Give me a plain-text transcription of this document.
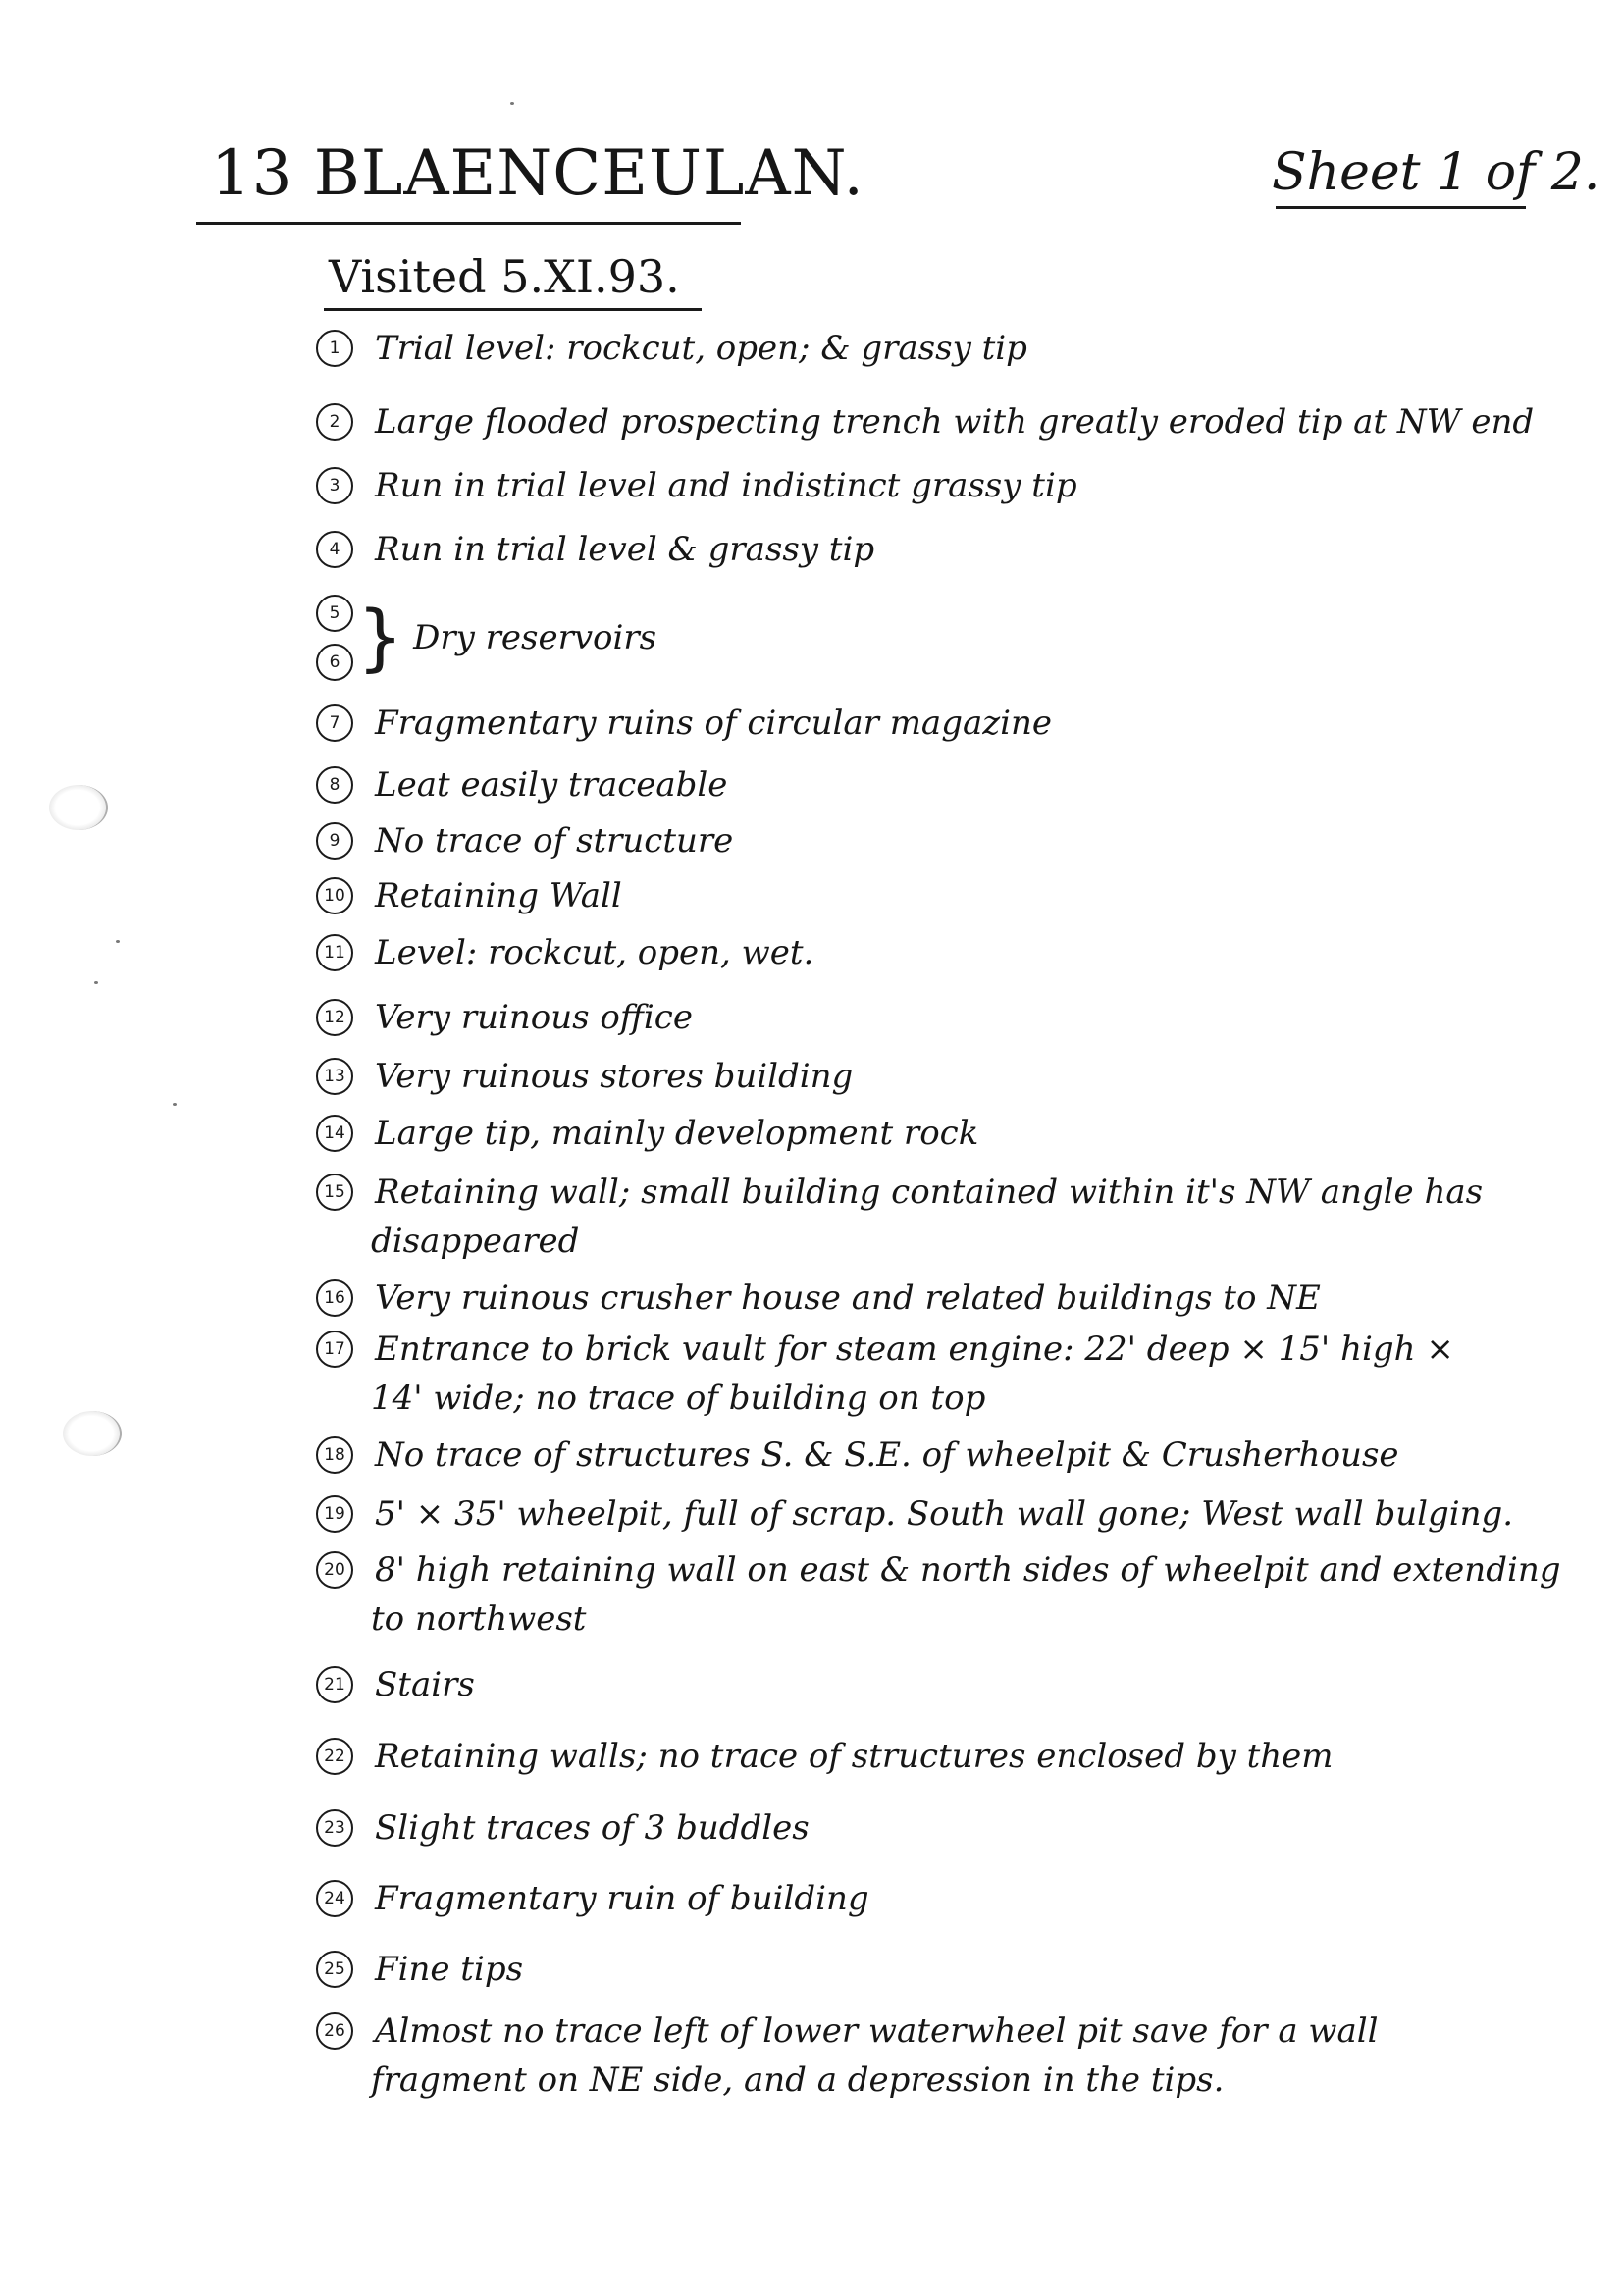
13 BLAENCEULAN.	Sheet 1 of 2.
Visited 5.XI.93.
1	Trial level: rockcut, open; & grassy tip
2	Large flooded prospecting trench with greatly eroded tip at NW end
3	Run in trial level and indistinct grassy tip
4	Run in trial level & grassy tip
5
6 } Dry reservoirs
7	Fragmentary ruins of circular magazine
8	Leat easily traceable
9	No trace of structure
10 Retaining Wall
11 Level: rockcut, open, wet.
12 Very ruinous office
13 Very ruinous stores building
14 Large tip, mainly development rock
15 Retaining wall; small building contained within it's NW angle has
disappeared
16 Very ruinous crusher house and related buildings to NE
17 Entrance to brick vault for steam engine: 22' deep × 15' high ×
14' wide; no trace of building on top
18 No trace of structures S. & S.E. of wheelpit & Crusherhouse
19 5' × 35' wheelpit, full of scrap. South wall gone; West wall bulging.
20 8' high retaining wall on east & north sides of wheelpit and extending
to northwest
21 Stairs
22 Retaining walls; no trace of structures enclosed by them
23 Slight traces of 3 buddles
24 Fragmentary ruin of building
25 Fine tips
26 Almost no trace left of lower waterwheel pit save for a wall
fragment on NE side, and a depression in the tips.
